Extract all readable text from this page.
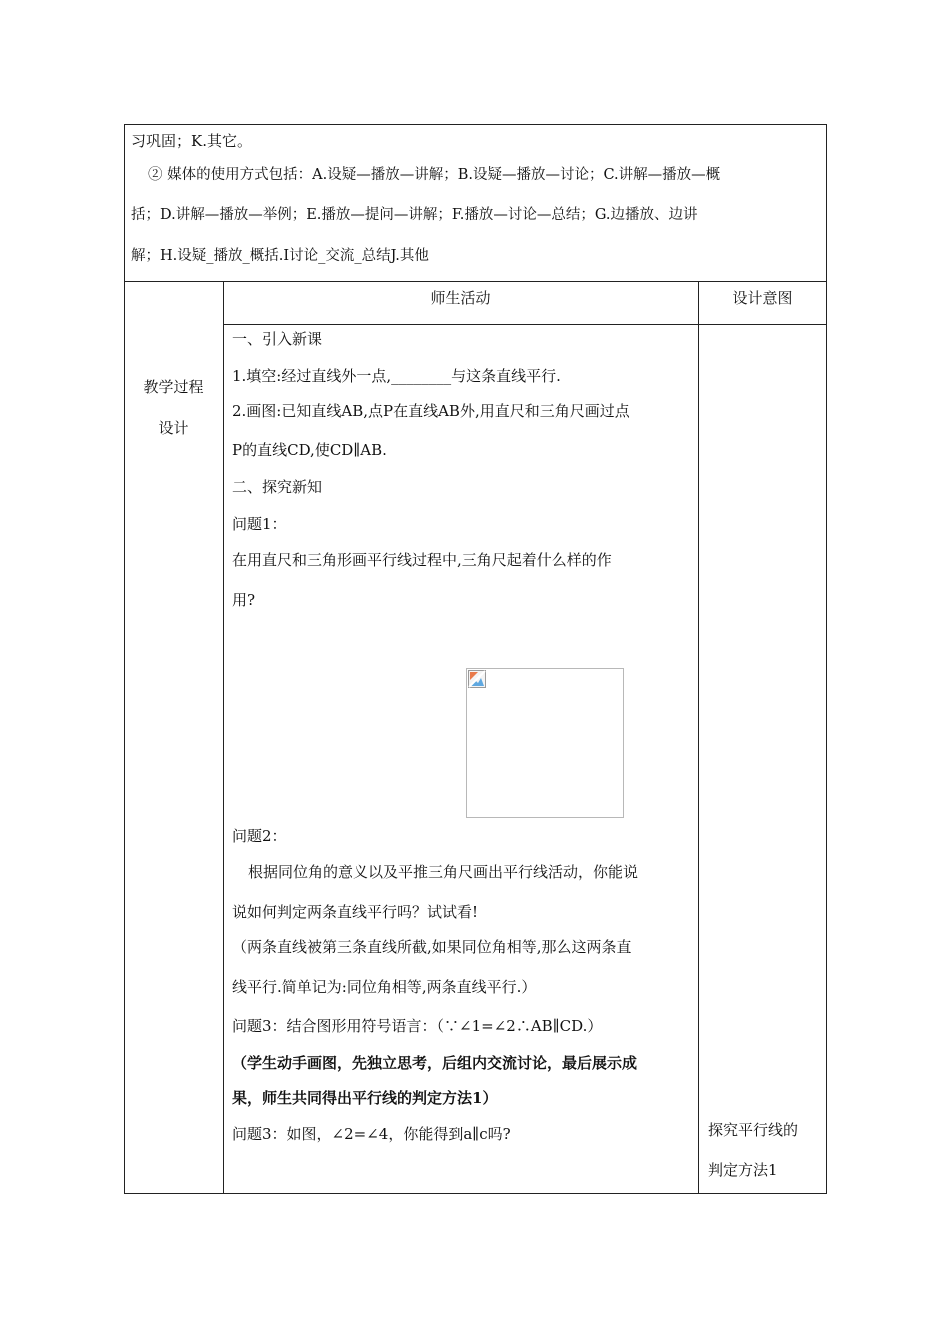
习巩固；K.其它。
② 媒体的使用方式包括：A.设疑—播放—讲解；B.设疑—播放—讨论；C.讲解—播放—概
括；D.讲解—播放—举例；E.播放—提问—讲解；F.播放—讨论—总结；G.边播放、边讲
解；H.设疑_播放_概括.I讨论_交流_总结J.其他
教学过程
设计
师生活动	设计意图
一、引入新课
1.填空:经过直线外一点,________与这条直线平行.
2.画图:已知直线AB,点P在直线AB外,用直尺和三角尺画过点
P的直线CD,使CD∥AB.
二、探究新知
问题1：
在用直尺和三角形画平行线过程中,三角尺起着什么样的作
用?
问题2：
根据同位角的意义以及平推三角尺画出平行线活动，你能说
说如何判定两条直线平行吗？试试看!
（两条直线被第三条直线所截,如果同位角相等,那么这两条直
线平行.简单记为:同位角相等,两条直线平行.）
问题3：结合图形用符号语言：（∵∠1=∠2∴AB∥CD.）
（学生动手画图，先独立思考，后组内交流讨论，最后展示成
果，师生共同得出平行线的判定方法1）
问题3：如图，∠2=∠4，你能得到a∥c吗?	探究平行线的
判定方法1
